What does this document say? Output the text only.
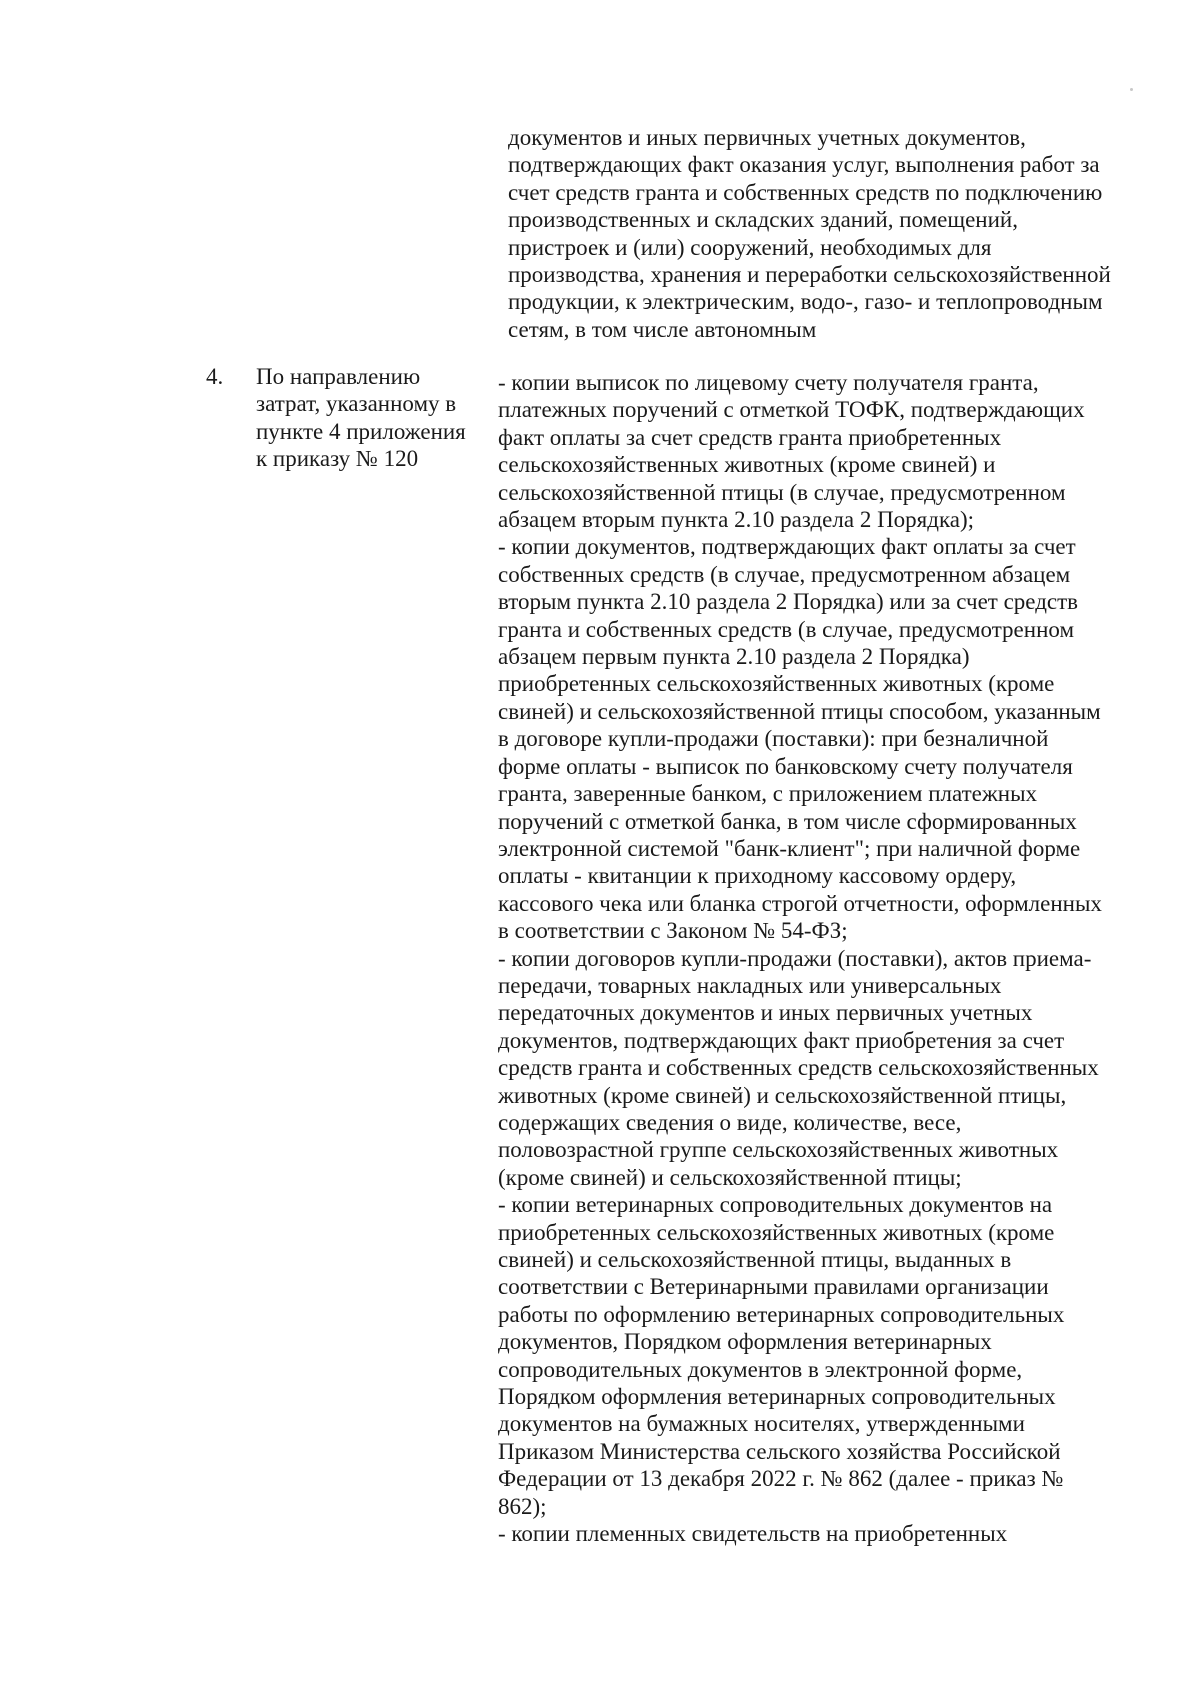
документов и иных первичных учетных документов,
подтверждающих факт оказания услуг, выполнения работ за
счет средств гранта и собственных средств по подключению
производственных и складских зданий, помещений,
пристроек и (или) сооружений, необходимых для
производства, хранения и переработки сельскохозяйственной
продукции, к электрическим, водо-, газо- и теплопроводным
сетям, в том числе автономным
4. По направлению
затрат, указанному в
пункте 4 приложения
к приказу № 120
- копии выписок по лицевому счету получателя гранта,
платежных поручений с отметкой ТОФК, подтверждающих
факт оплаты за счет средств гранта приобретенных
сельскохозяйственных животных (кроме свиней) и
сельскохозяйственной птицы (в случае, предусмотренном
абзацем вторым пункта 2.10 раздела 2 Порядка);
- копии документов, подтверждающих факт оплаты за счет
собственных средств (в случае, предусмотренном абзацем
вторым пункта 2.10 раздела 2 Порядка) или за счет средств
гранта и собственных средств (в случае, предусмотренном
абзацем первым пункта 2.10 раздела 2 Порядка)
приобретенных сельскохозяйственных животных (кроме
свиней) и сельскохозяйственной птицы способом, указанным
в договоре купли-продажи (поставки): при безналичной
форме оплаты - выписок по банковскому счету получателя
гранта, заверенные банком, с приложением платежных
поручений с отметкой банка, в том числе сформированных
электронной системой "банк-клиент"; при наличной форме
оплаты - квитанции к приходному кассовому ордеру,
кассового чека или бланка строгой отчетности, оформленных
в соответствии с Законом № 54-ФЗ;
- копии договоров купли-продажи (поставки), актов приема-
передачи, товарных накладных или универсальных
передаточных документов и иных первичных учетных
документов, подтверждающих факт приобретения за счет
средств гранта и собственных средств сельскохозяйственных
животных (кроме свиней) и сельскохозяйственной птицы,
содержащих сведения о виде, количестве, весе,
половозрастной группе сельскохозяйственных животных
(кроме свиней) и сельскохозяйственной птицы;
- копии ветеринарных сопроводительных документов на
приобретенных сельскохозяйственных животных (кроме
свиней) и сельскохозяйственной птицы, выданных в
соответствии с Ветеринарными правилами организации
работы по оформлению ветеринарных сопроводительных
документов, Порядком оформления ветеринарных
сопроводительных документов в электронной форме,
Порядком оформления ветеринарных сопроводительных
документов на бумажных носителях, утвержденными
Приказом Министерства сельского хозяйства Российской
Федерации от 13 декабря 2022 г. № 862 (далее - приказ №
862);
- копии племенных свидетельств на приобретенных
